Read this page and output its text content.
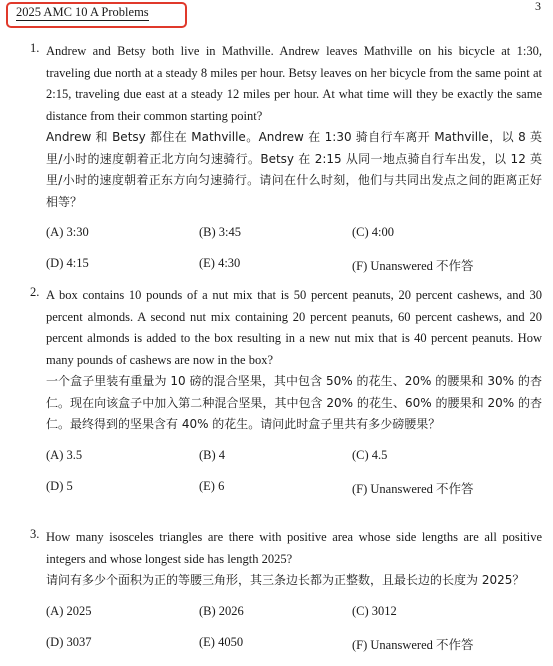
2025 AMC 10 A Problems	3
1. Andrew and Betsy both live in Mathville. Andrew leaves Mathville on his bicycle at 1:30, traveling due north at a steady 8 miles per hour. Betsy leaves on her bicycle from the same point at 2:15, traveling due east at a steady 12 miles per hour. At what time will they be exactly the same distance from their common starting point?
Andrew 和 Betsy 都住在 Mathville。Andrew 在 1:30 骑自行车离开 Mathville，以 8 英里/小时的速度朝着正北方向匀速骑行。Betsy 在 2:15 从同一地点骑自行车出发，以 12 英里/小时的速度朝着正东方向匀速骑行。请问在什么时刻，他们与共同出发点之间的距离正好相等？
(A) 3:30	(B) 3:45	(C) 4:00
(D) 4:15	(E) 4:30	(F) Unanswered 不作答
2. A box contains 10 pounds of a nut mix that is 50 percent peanuts, 20 percent cashews, and 30 percent almonds. A second nut mix containing 20 percent peanuts, 60 percent cashews, and 20 percent almonds is added to the box resulting in a new nut mix that is 40 percent peanuts. How many pounds of cashews are now in the box?
一个盒子里装有重量为 10 磅的混合坚果，其中包含 50% 的花生、20% 的腰果和 30% 的杏仁。现在向该盒子中加入第二种混合坚果，其中包含 20% 的花生、60% 的腰果和 20% 的杏仁。最终得到的坚果含有 40% 的花生。请问此时盒子里共有多少磅腰果？
(A) 3.5	(B) 4	(C) 4.5
(D) 5	(E) 6	(F) Unanswered 不作答
3. How many isosceles triangles are there with positive area whose side lengths are all positive integers and whose longest side has length 2025?
请问有多少个面积为正的等腰三角形，其三条边长都为正整数，且最长边的长度为 2025？
(A) 2025	(B) 2026	(C) 3012
(D) 3037	(E) 4050	(F) Unanswered 不作答
